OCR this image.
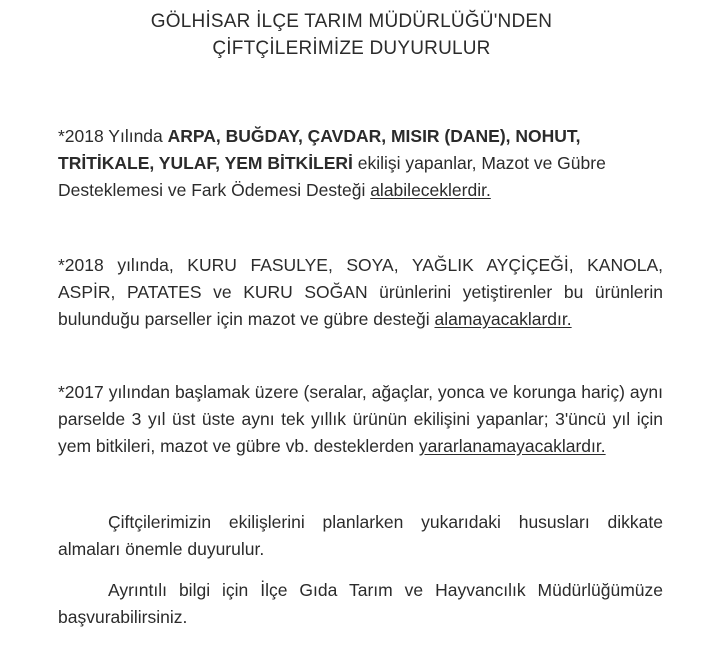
GÖLHİSAR İLÇE TARIM MÜDÜRLÜĞÜ'NDEN
ÇİFTÇİLERİMİZE DUYURULUR
*2018 Yılında ARPA, BUĞDAY, ÇAVDAR, MISIR (DANE), NOHUT, TRİTİKALE, YULAF, YEM BİTKİLERİ ekilişi yapanlar, Mazot ve Gübre Desteklemesi ve Fark Ödemesi Desteği alabileceklerdir.
*2018 yılında, KURU FASULYE, SOYA, YAĞLIK AYÇİÇEĞİ, KANOLA, ASPİR, PATATES ve KURU SOĞAN ürünlerini yetiştirenler bu ürünlerin bulunduğu parseller için mazot ve gübre desteği alamayacaklardır.
*2017 yılından başlamak üzere (seralar, ağaçlar, yonca ve korunga hariç) aynı parselde 3 yıl üst üste aynı tek yıllık ürünün ekilişini yapanlar; 3'üncü yıl için yem bitkileri, mazot ve gübre vb. desteklerden yararlanamayacaklardır.
Çiftçilerimizin ekilişlerini planlarken yukarıdaki hususları dikkate almaları önemle duyurulur.
Ayrıntılı bilgi için İlçe Gıda Tarım ve Hayvancılık Müdürlüğümüze başvurabilirsiniz.
